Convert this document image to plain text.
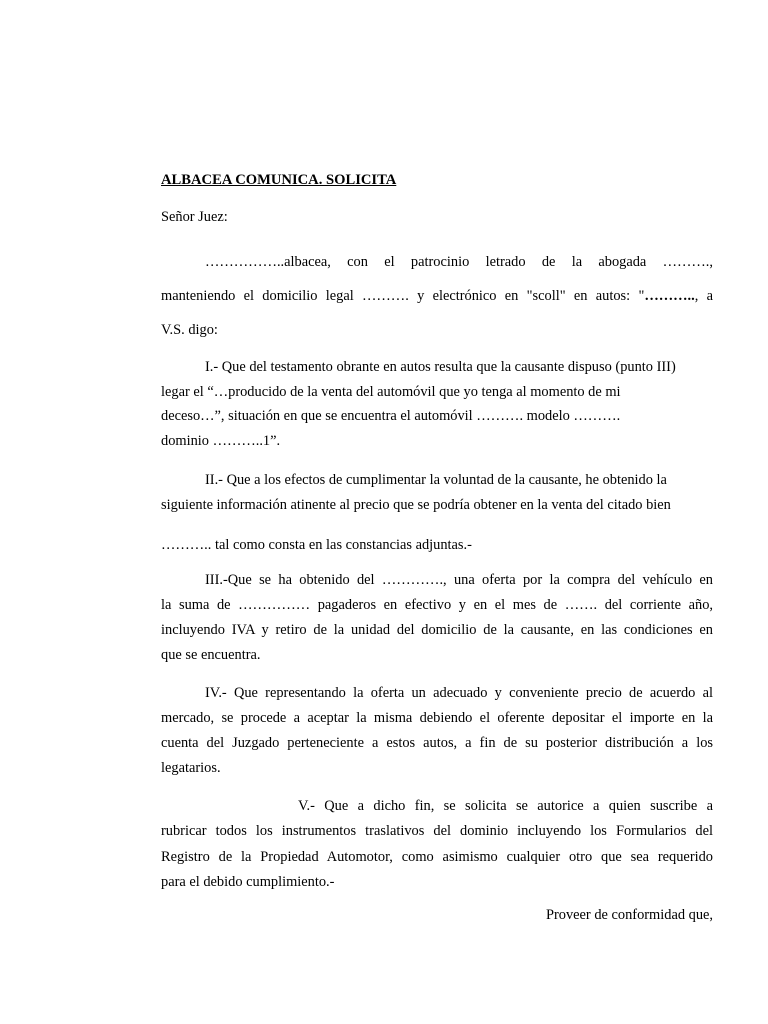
ALBACEA COMUNICA. SOLICITA
Señor Juez:
……………..albacea, con el patrocinio letrado de la abogada ……….,
manteniendo el domicilio legal ………. y electrónico en "scoll" en autos: "……….., a
V.S. digo:
I.- Que del testamento obrante en autos resulta que la causante dispuso (punto III)
legar el “…producido de la venta del automóvil que yo tenga al momento de mi
deceso…”, situación en que se encuentra el automóvil ………. modelo ……….
dominio ………..1”.
II.- Que a los efectos de cumplimentar la voluntad de la causante, he obtenido la
siguiente información atinente al precio que se podría obtener en la venta del citado bien
……….. tal como consta en las constancias adjuntas.-
III.-Que se ha obtenido del …………., una oferta por la compra del vehículo en
la suma de …………… pagaderos en efectivo y en el mes de ……. del corriente año,
incluyendo IVA y retiro de la unidad del domicilio de la causante, en las condiciones en
que se encuentra.
IV.- Que representando la oferta un adecuado y conveniente precio de acuerdo al
mercado, se procede a aceptar la misma debiendo el oferente depositar el importe en la
cuenta del Juzgado perteneciente a estos autos, a fin de su posterior distribución a los
legatarios.
V.- Que a dicho fin, se solicita se autorice a quien suscribe a
rubricar todos los instrumentos traslativos del dominio incluyendo los Formularios del
Registro de la Propiedad Automotor, como asimismo cualquier otro que sea requerido
para el debido cumplimiento.-
Proveer de conformidad que,
